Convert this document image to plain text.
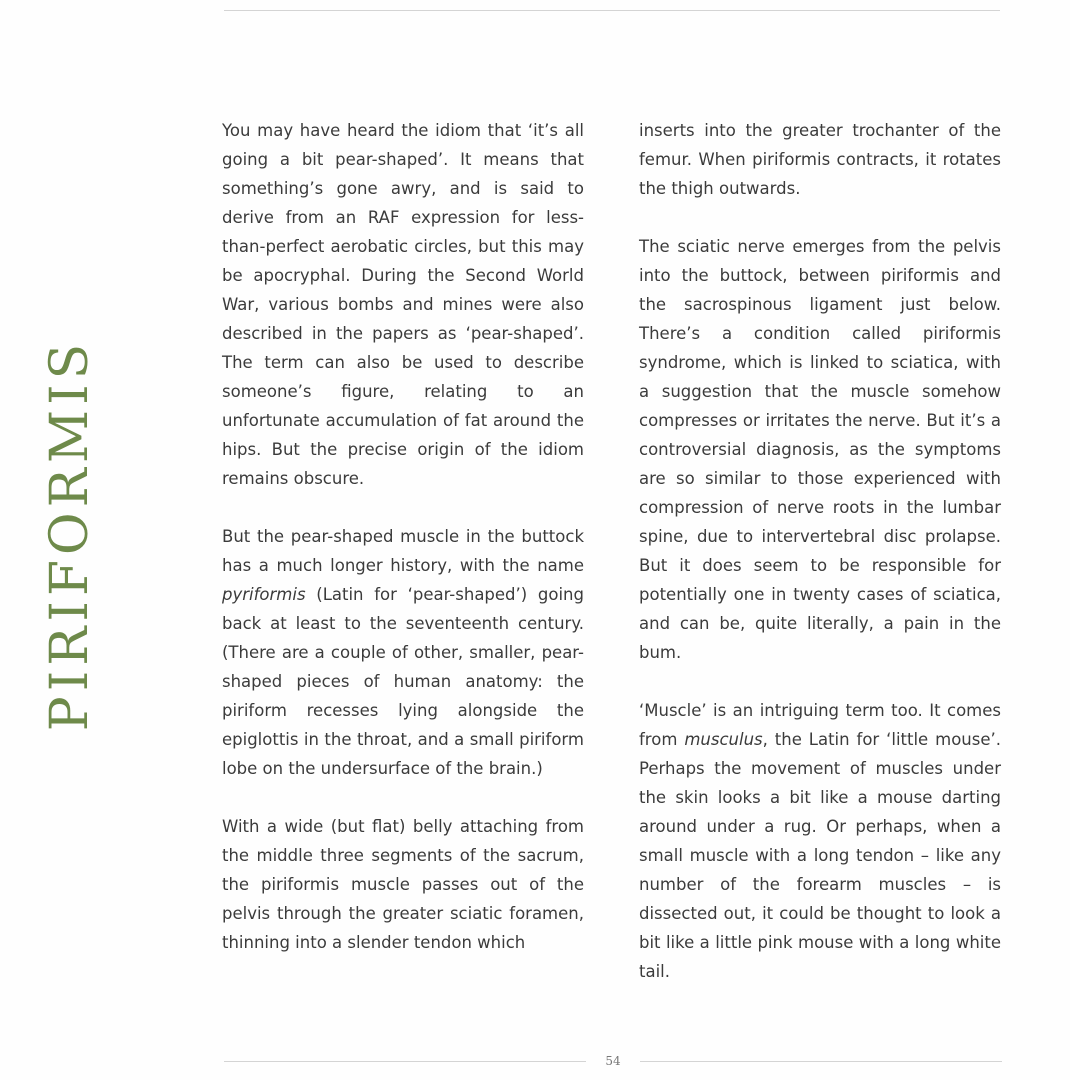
PIRIFORMIS

You may have heard the idiom that ‘it’s all going a bit pear-shaped’. It means that something’s gone awry, and is said to derive from an RAF expression for less-than-perfect aerobatic circles, but this may be apocryphal. During the Second World War, various bombs and mines were also described in the papers as ‘pear-shaped’. The term can also be used to describe someone’s figure, relating to an unfortunate accumulation of fat around the hips. But the precise origin of the idiom remains obscure.

But the pear-shaped muscle in the buttock has a much longer history, with the name pyriformis (Latin for ‘pear-shaped’) going back at least to the seventeenth century. (There are a couple of other, smaller, pear-shaped pieces of human anatomy: the piriform recesses lying alongside the epiglottis in the throat, and a small piriform lobe on the undersurface of the brain.)

With a wide (but flat) belly attaching from the middle three segments of the sacrum, the piriformis muscle passes out of the pelvis through the greater sciatic foramen, thinning into a slender tendon which

inserts into the greater trochanter of the femur. When piriformis contracts, it rotates the thigh outwards.

The sciatic nerve emerges from the pelvis into the buttock, between piriformis and the sacrospinous ligament just below. There’s a condition called piriformis syndrome, which is linked to sciatica, with a suggestion that the muscle somehow compresses or irritates the nerve. But it’s a controversial diagnosis, as the symptoms are so similar to those experienced with compression of nerve roots in the lumbar spine, due to intervertebral disc prolapse. But it does seem to be responsible for potentially one in twenty cases of sciatica, and can be, quite literally, a pain in the bum.

‘Muscle’ is an intriguing term too. It comes from musculus, the Latin for ‘little mouse’. Perhaps the movement of muscles under the skin looks a bit like a mouse darting around under a rug. Or perhaps, when a small muscle with a long tendon – like any number of the forearm muscles – is dissected out, it could be thought to look a bit like a little pink mouse with a long white tail.

54
